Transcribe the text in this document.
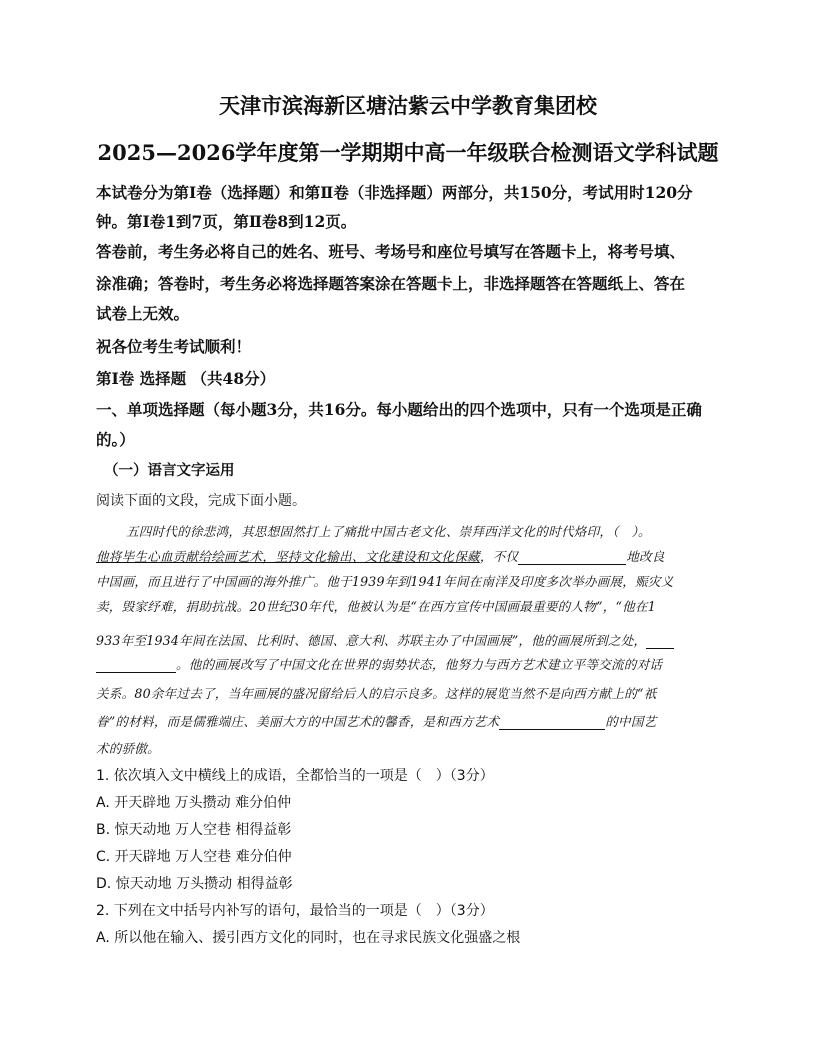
天津市滨海新区塘沽紫云中学教育集团校
2025—2026学年度第一学期期中高一年级联合检测语文学科试题
本试卷分为第Ⅰ卷（选择题）和第Ⅱ卷（非选择题）两部分，共150分，考试用时120分
钟。第Ⅰ卷1到7页，第Ⅱ卷8到12页。
答卷前，考生务必将自己的姓名、班号、考场号和座位号填写在答题卡上，将考号填、
涂准确；答卷时，考生务必将选择题答案涂在答题卡上，非选择题答在答题纸上、答在
试卷上无效。
祝各位考生考试顺利！
第Ⅰ卷 选择题 （共48分）
一、单项选择题（每小题3分，共16分。每小题给出的四个选项中，只有一个选项是正确
的。）
（一）语言文字运用
阅读下面的文段，完成下面小题。
五四时代的徐悲鸿，其思想固然打上了痛批中国古老文化、崇拜西洋文化的时代烙印，（　）。
他将毕生心血贡献给绘画艺术，坚持文化输出、文化建设和文化保藏，不仅	地改良
中国画，而且进行了中国画的海外推广。他于1939年到1941年间在南洋及印度多次举办画展，赈灾义
卖，毁家纾难，捐助抗战。20世纪30年代，他被认为是“在西方宣传中国画最重要的人物”，“他在1
933年至1934年间在法国、比利时、德国、意大利、苏联主办了中国画展”，他的画展所到之处，
。他的画展改写了中国文化在世界的弱势状态，他努力与西方艺术建立平等交流的对话
关系。80余年过去了，当年画展的盛况留给后人的启示良多。这样的展览当然不是向西方献上的“祇
眷”的材料，而是儒雅端庄、美丽大方的中国艺术的馨香，是和西方艺术	的中国艺
术的骄傲。
1. 依次填入文中横线上的成语，全都恰当的一项是（　）（3分）
A. 开天辟地 万头攒动 难分伯仲
B. 惊天动地 万人空巷 相得益彰
C. 开天辟地 万人空巷 难分伯仲
D. 惊天动地 万头攒动 相得益彰
2. 下列在文中括号内补写的语句，最恰当的一项是（　）（3分）
A. 所以他在输入、援引西方文化的同时，也在寻求民族文化强盛之根
